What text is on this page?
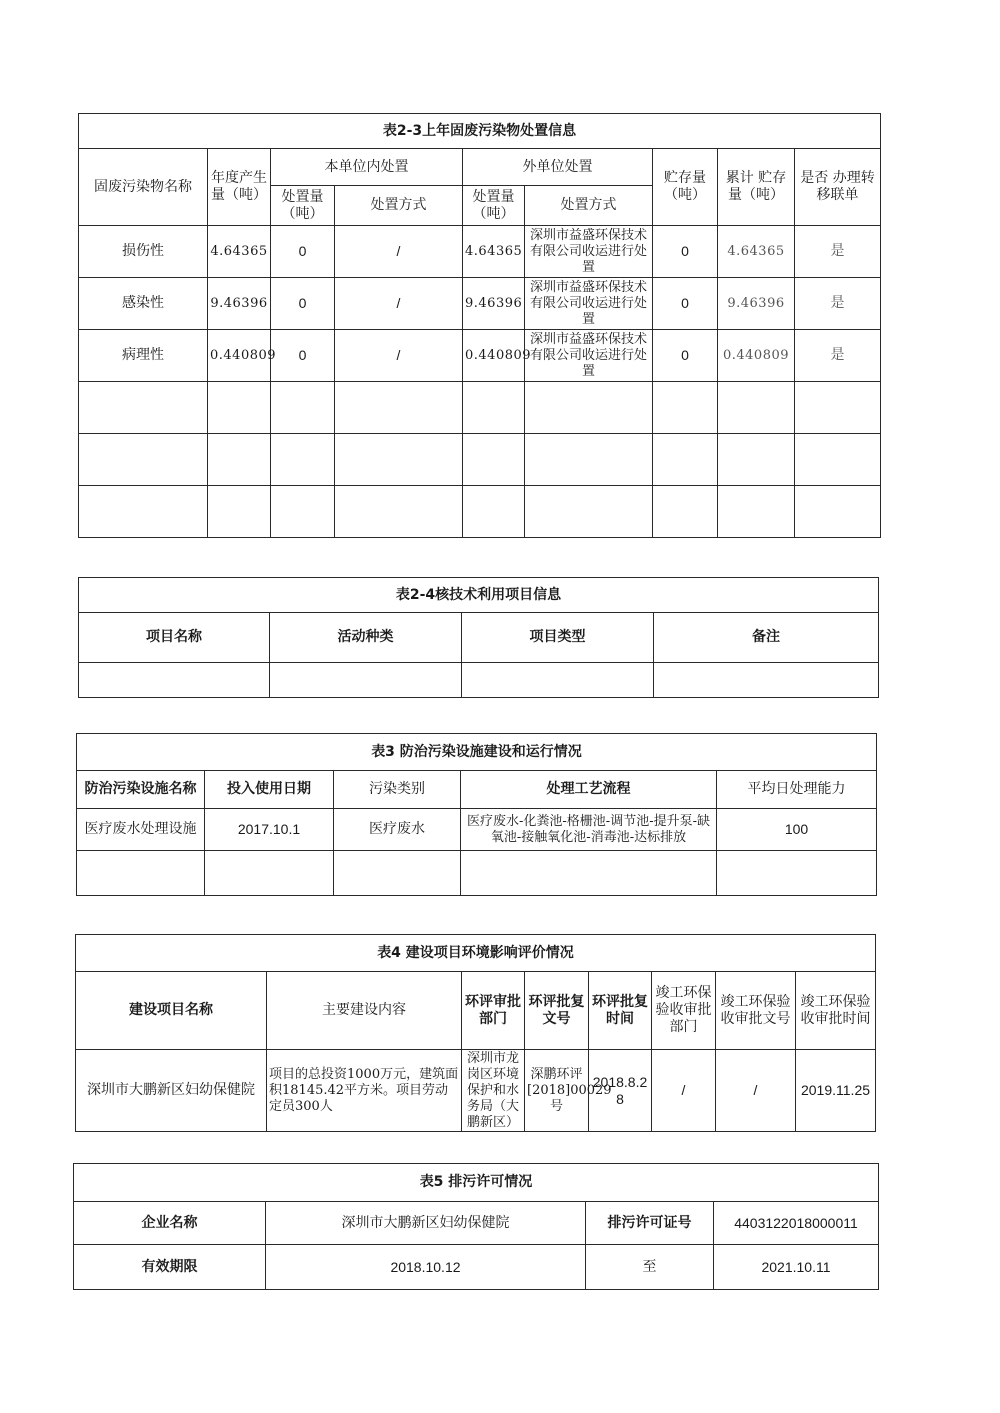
表2-3上年固废污染物处置信息								
固废污染物名称	年度产生量（吨）	本单位内处置		外单位处置		贮存量（吨）	累计 贮存量（吨）	是否 办理转移联单
		处置量（吨）	处置方式	处置量（吨）	处置方式			
损伤性	4.64365	0	/	4.64365	深圳市益盛环保技术有限公司收运进行处置	0	4.64365	是
感染性	9.46396	0	/	9.46396	深圳市益盛环保技术有限公司收运进行处置	0	9.46396	是
病理性	0.440809	0	/	0.440809	深圳市益盛环保技术有限公司收运进行处置	0	0.440809	是

表2-4核技术利用项目信息			
项目名称	活动种类	项目类型	备注

表3 防治污染设施建设和运行情况				
防治污染设施名称	投入使用日期	污染类别	处理工艺流程	平均日处理能力
医疗废水处理设施	2017.10.1	医疗废水	医疗废水-化粪池-格栅池-调节池-提升泵-缺氧池-接触氧化池-消毒池-达标排放	100

表4 建设项目环境影响评价情况							
建设项目名称	主要建设内容	环评审批部门	环评批复文号	环评批复时间	竣工环保验收审批部门	竣工环保验收审批文号	竣工环保验收审批时间
深圳市大鹏新区妇幼保健院	项目的总投资1000万元，建筑面积18145.42平方米。项目劳动定员300人	深圳市龙岗区环境保护和水务局（大鹏新区）	深鹏环评[2018]00029号	2018.8.28	/	/	2019.11.25
表5 排污许可情况			
企业名称	深圳市大鹏新区妇幼保健院	排污许可证号	4403122018000011
有效期限	2018.10.12	至	2021.10.11
